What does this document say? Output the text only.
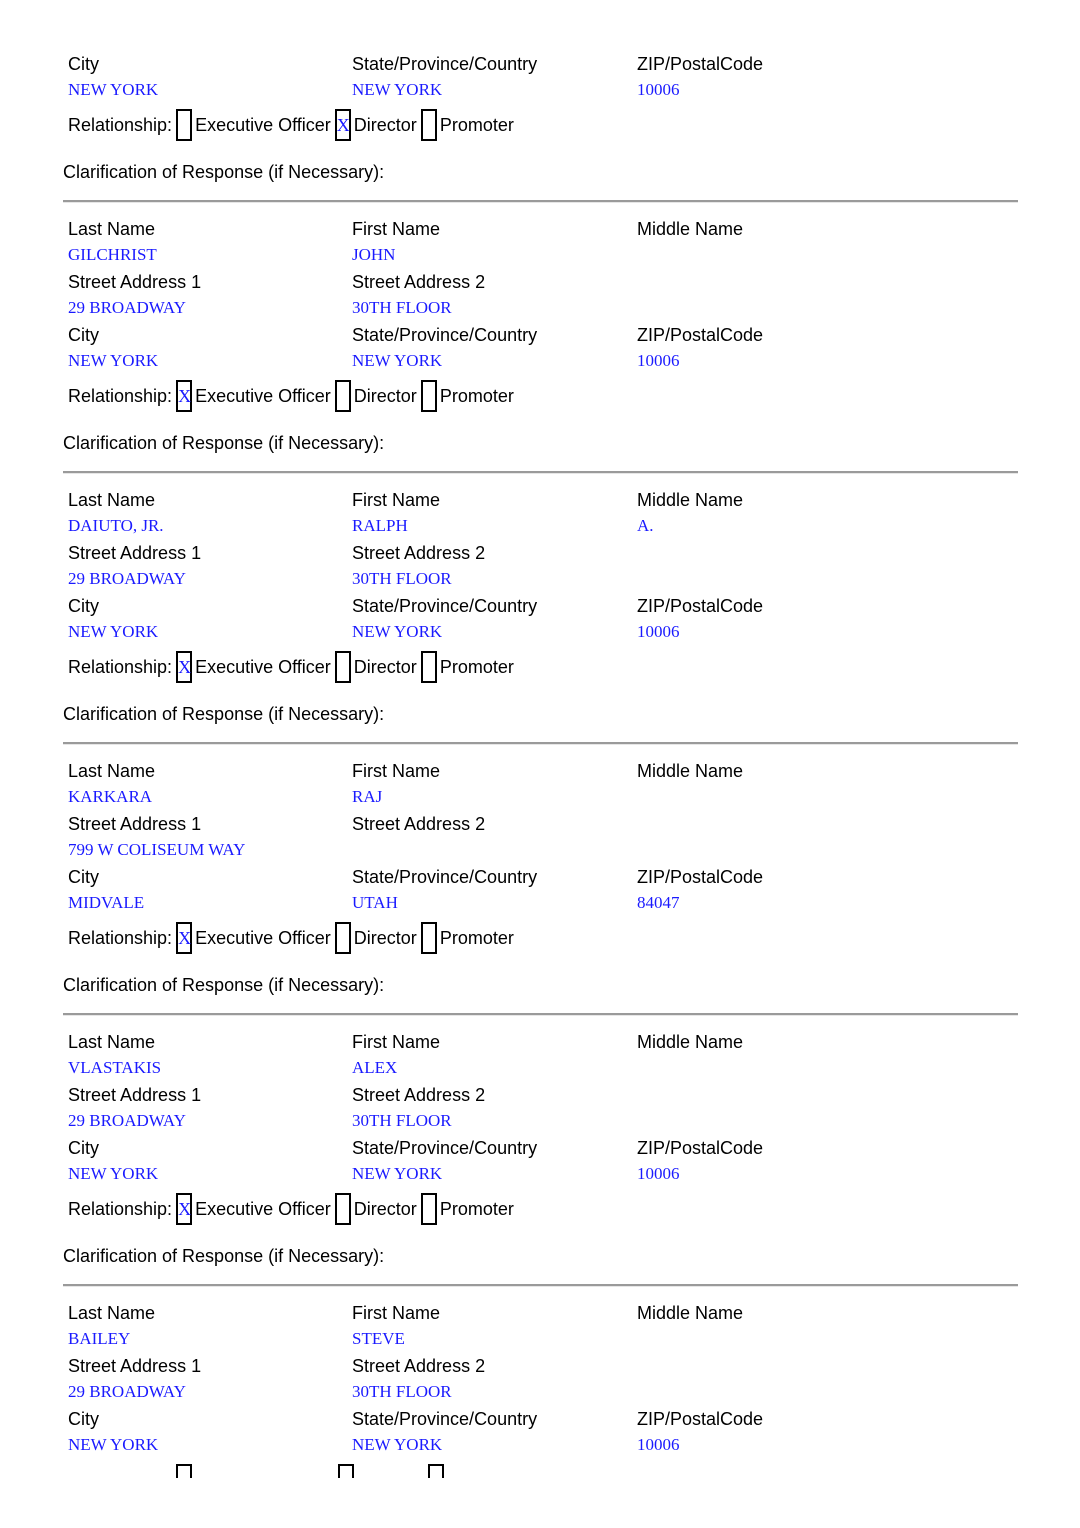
City	State/Province/Country	ZIP/PostalCode
NEW YORK	NEW YORK	10006
Relationship: Executive Officer X Director Promoter
Clarification of Response (if Necessary):
Last Name	First Name	Middle Name
GILCHRIST	JOHN
Street Address 1	Street Address 2
29 BROADWAY	30TH FLOOR
City	State/Province/Country	ZIP/PostalCode
NEW YORK	NEW YORK	10006
Relationship: X Executive Officer Director Promoter
Clarification of Response (if Necessary):
Last Name	First Name	Middle Name
DAIUTO, JR.	RALPH	A.
Street Address 1	Street Address 2
29 BROADWAY	30TH FLOOR
City	State/Province/Country	ZIP/PostalCode
NEW YORK	NEW YORK	10006
Relationship: X Executive Officer Director Promoter
Clarification of Response (if Necessary):
Last Name	First Name	Middle Name
KARKARA	RAJ
Street Address 1	Street Address 2
799 W COLISEUM WAY
City	State/Province/Country	ZIP/PostalCode
MIDVALE	UTAH	84047
Relationship: X Executive Officer Director Promoter
Clarification of Response (if Necessary):
Last Name	First Name	Middle Name
VLASTAKIS	ALEX
Street Address 1	Street Address 2
29 BROADWAY	30TH FLOOR
City	State/Province/Country	ZIP/PostalCode
NEW YORK	NEW YORK	10006
Relationship: X Executive Officer Director Promoter
Clarification of Response (if Necessary):
Last Name	First Name	Middle Name
BAILEY	STEVE
Street Address 1	Street Address 2
29 BROADWAY	30TH FLOOR
City	State/Province/Country	ZIP/PostalCode
NEW YORK	NEW YORK	10006
